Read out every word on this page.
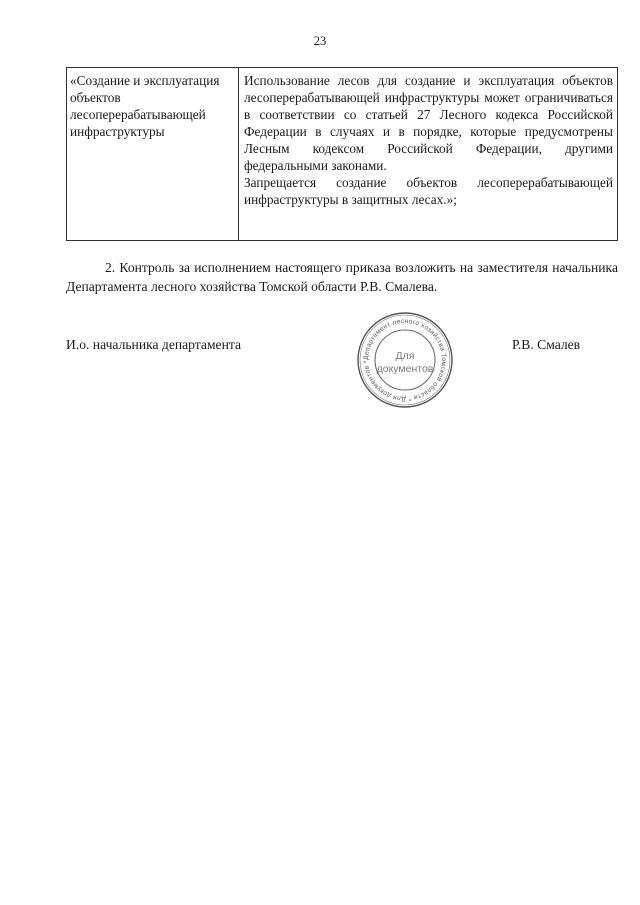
23

«Создание и эксплуатация

объектов

лесоперерабатывающей

инфраструктуры

Использование лесов для создание и эксплуатация объектов лесоперерабатывающей инфраструктуры может ограничиваться в соответствии со статьей 27 Лесного кодекса Российской Федерации в случаях и в порядке, которые предусмотрены Лесным кодексом Российской Федерации, другими федеральными законами.

Запрещается создание объектов лесоперерабатывающей инфраструктуры в защитных лесах.»;

2. Контроль за исполнением настоящего приказа возложить на заместителя начальника Департамента лесного хозяйства Томской области Р.В. Смалева.

И.о. начальника департамента
Департамент лесного хозяйства Томской области * Для документов *	Для
документов
Р.В. Смалев
